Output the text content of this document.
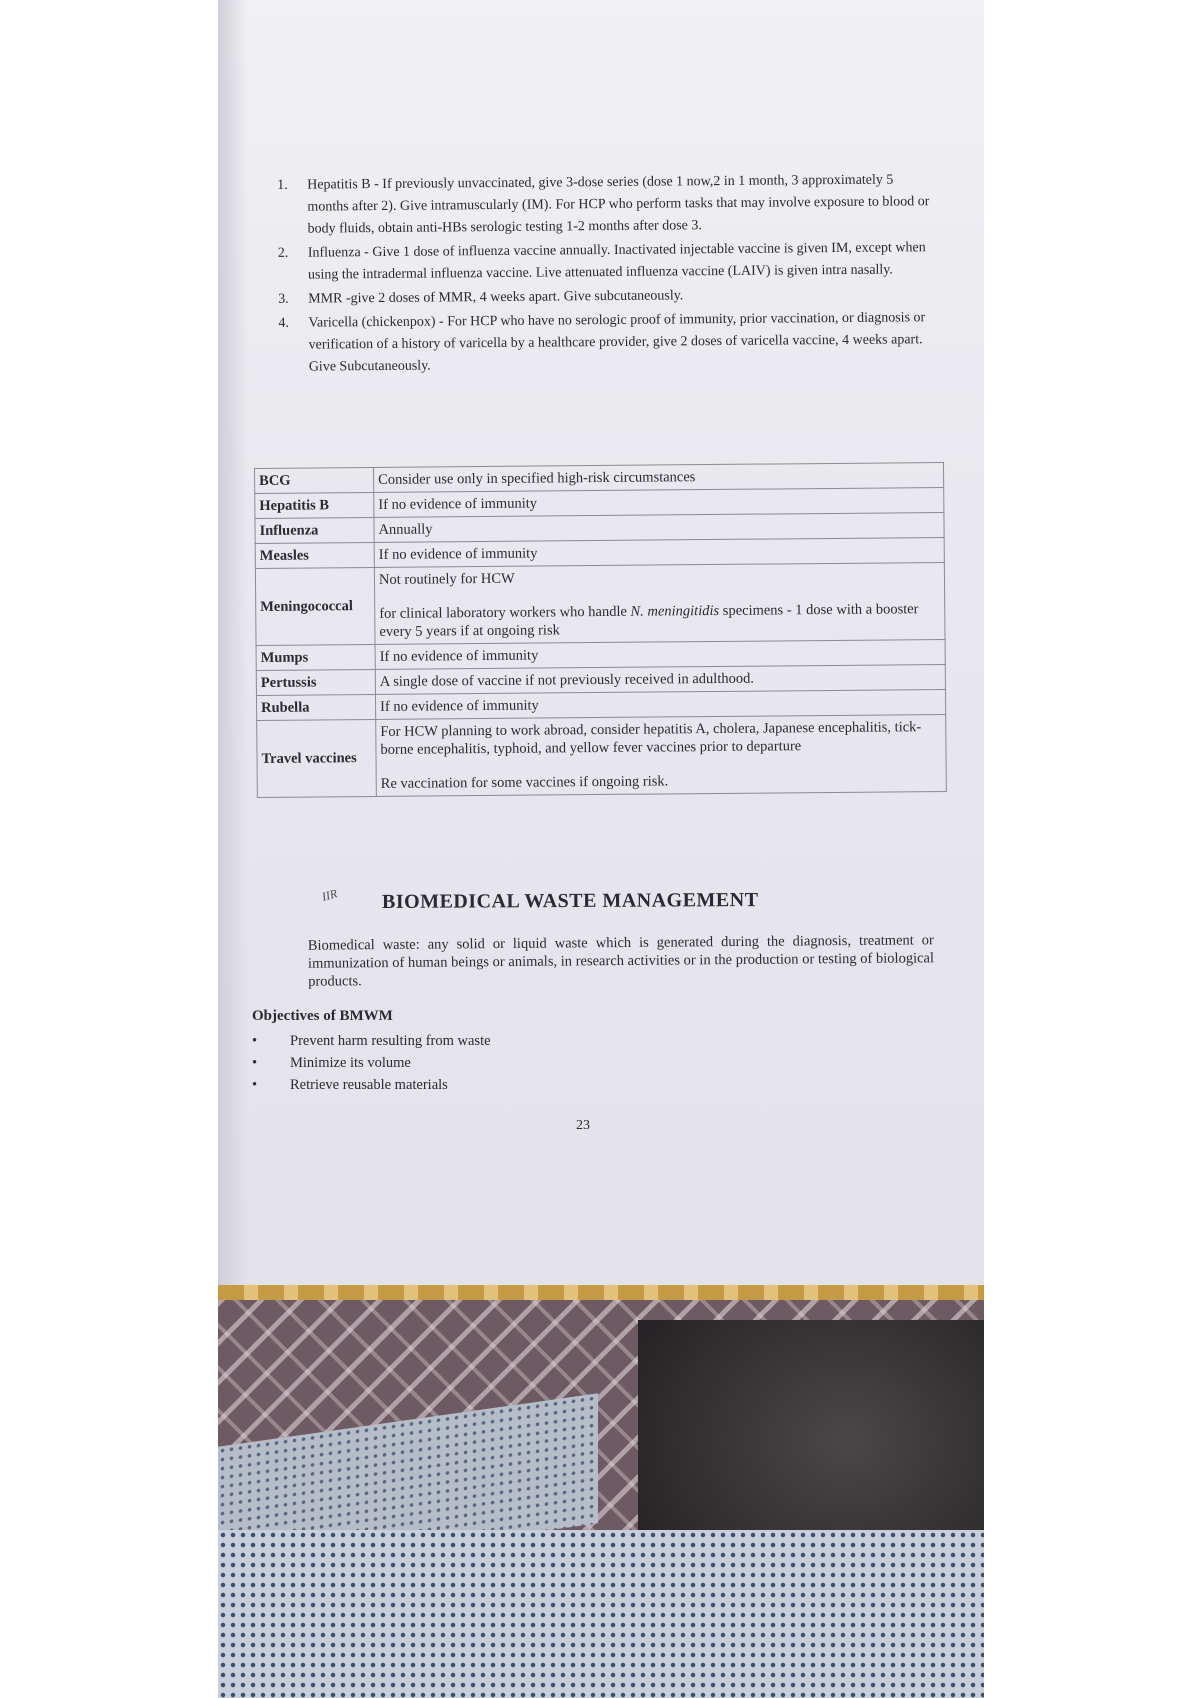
1. Hepatitis B - If previously unvaccinated, give 3-dose series (dose 1 now,2 in 1 month, 3 approximately 5 months after 2). Give intramuscularly (IM). For HCP who perform tasks that may involve exposure to blood or body fluids, obtain anti-HBs serologic testing 1-2 months after dose 3.
2. Influenza - Give 1 dose of influenza vaccine annually. Inactivated injectable vaccine is given IM, except when using the intradermal influenza vaccine. Live attenuated influenza vaccine (LAIV) is given intra nasally.
3. MMR -give 2 doses of MMR, 4 weeks apart. Give subcutaneously.
4. Varicella (chickenpox) - For HCP who have no serologic proof of immunity, prior vaccination, or diagnosis or verification of a history of varicella by a healthcare provider, give 2 doses of varicella vaccine, 4 weeks apart. Give Subcutaneously.
BCG	Consider use only in specified high-risk circumstances
Hepatitis B	If no evidence of immunity
Influenza	Annually
Measles	If no evidence of immunity
Meningococcal	Not routinely for HCW

for clinical laboratory workers who handle N. meningitidis specimens - 1 dose with a booster every 5 years if at ongoing risk

Mumps	If no evidence of immunity
Pertussis	A single dose of vaccine if not previously received in adulthood.
Rubella	If no evidence of immunity
Travel vaccines	For HCW planning to work abroad, consider hepatitis A, cholera, Japanese encephalitis, tick-borne encephalitis, typhoid, and yellow fever vaccines prior to departure

Re vaccination for some vaccines if ongoing risk.

IIR BIOMEDICAL WASTE MANAGEMENT

Biomedical waste: any solid or liquid waste which is generated during the diagnosis, treatment or immunization of human beings or animals, in research activities or in the production or testing of biological products.

Objectives of BMWM
• Prevent harm resulting from waste
• Minimize its volume
• Retrieve reusable materials
23
